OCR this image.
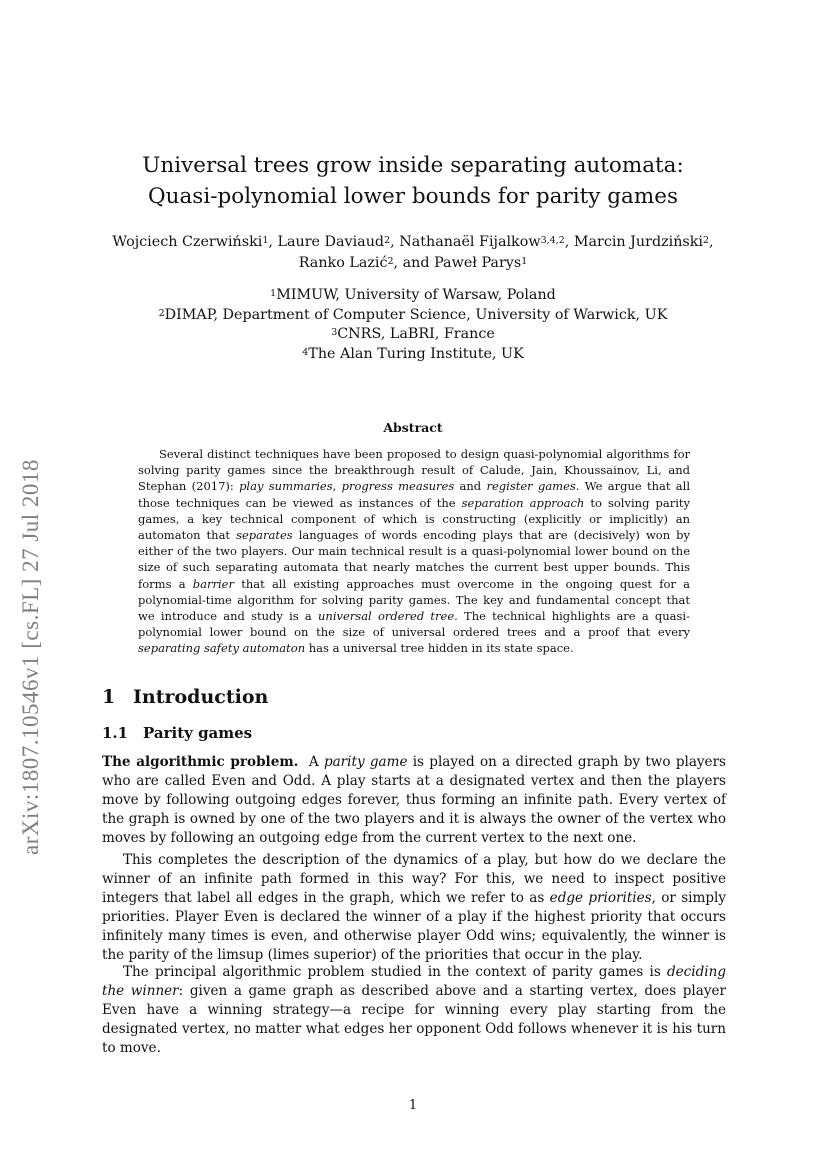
arXiv:1807.10546v1 [cs.FL] 27 Jul 2018
Universal trees grow inside separating automata:
Quasi-polynomial lower bounds for parity games
Wojciech Czerwiński$^1$, Laure Daviaud$^2$, Nathanaël Fijalkow$^{3,4,2}$, Marcin Jurdziński$^2$,
Ranko Lazić$^2$, and Paweł Parys$^1$
$^1$MIMUW, University of Warsaw, Poland
$^2$DIMAP, Department of Computer Science, University of Warwick, UK
$^3$CNRS, LaBRI, France
$^4$The Alan Turing Institute, UK
Abstract
Several distinct techniques have been proposed to design quasi-polynomial algorithms for solving parity games since the breakthrough result of Calude, Jain, Khoussainov, Li, and Stephan (2017): play summaries, progress measures and register games. We argue that all those techniques can be viewed as instances of the separation approach to solving parity games, a key technical component of which is constructing (explicitly or implicitly) an automaton that separates languages of words encoding plays that are (decisively) won by either of the two players. Our main technical result is a quasi-polynomial lower bound on the size of such separating automata that nearly matches the current best upper bounds. This forms a barrier that all existing approaches must overcome in the ongoing quest for a polynomial-time algorithm for solving parity games. The key and fundamental concept that we introduce and study is a universal ordered tree. The technical highlights are a quasi-polynomial lower bound on the size of universal ordered trees and a proof that every separating safety automaton has a universal tree hidden in its state space.
1 Introduction
1.1 Parity games
The algorithmic problem.  A parity game is played on a directed graph by two players who are called Even and Odd. A play starts at a designated vertex and then the players move by following outgoing edges forever, thus forming an infinite path. Every vertex of the graph is owned by one of the two players and it is always the owner of the vertex who moves by following an outgoing edge from the current vertex to the next one.
This completes the description of the dynamics of a play, but how do we declare the winner of an infinite path formed in this way? For this, we need to inspect positive integers that label all edges in the graph, which we refer to as edge priorities, or simply priorities. Player Even is declared the winner of a play if the highest priority that occurs infinitely many times is even, and otherwise player Odd wins; equivalently, the winner is the parity of the limsup (limes superior) of the priorities that occur in the play.
The principal algorithmic problem studied in the context of parity games is deciding the winner: given a game graph as described above and a starting vertex, does player Even have a winning strategy—a recipe for winning every play starting from the designated vertex, no matter what edges her opponent Odd follows whenever it is his turn to move.
1
